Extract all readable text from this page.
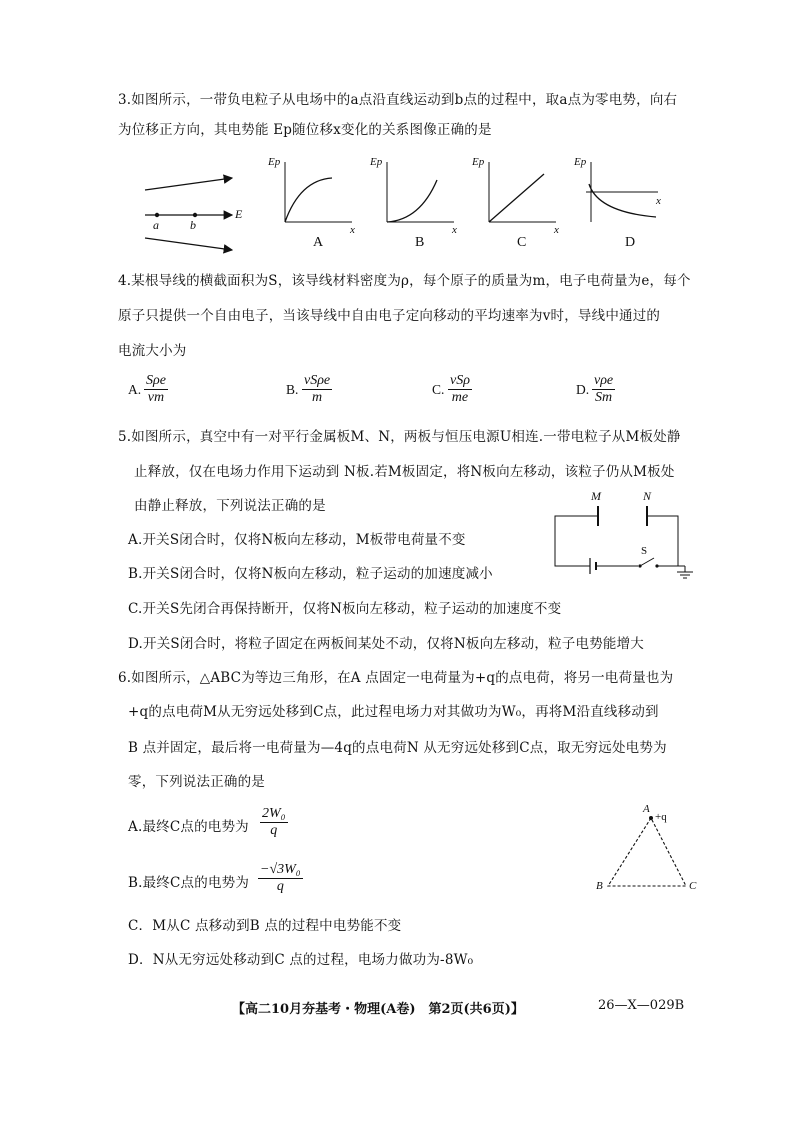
3.如图所示，一带负电粒子从电场中的a点沿直线运动到b点的过程中，取a点为零电势，向右
为位移正方向，其电势能 Ep随位移x变化的关系图像正确的是
a	b
E
Ep
x
A
Ep
x
B
Ep
x
C
Ep
x
D
4.某根导线的横截面积为S，该导线材料密度为ρ，每个原子的质量为m，电子电荷量为e，每个
原子只提供一个自由电子，当该导线中自由电子定向移动的平均速率为v时，导线中通过的
电流大小为
A.
Sρe
vm
B.
vSρe
m
C.
vSρ
me
D.
vρe
Sm
5.如图所示，真空中有一对平行金属板M、N，两板与恒压电源U相连.一带电粒子从M板处静
止释放，仅在电场力作用下运动到 N板.若M板固定，将N板向左移动，该粒子仍从M板处
由静止释放，下列说法正确的是
A.开关S闭合时，仅将N板向左移动，M板带电荷量不变
B.开关S闭合时，仅将N板向左移动，粒子运动的加速度减小
C.开关S先闭合再保持断开，仅将N板向左移动，粒子运动的加速度不变
D.开关S闭合时，将粒子固定在两板间某处不动，仅将N板向左移动，粒子电势能增大
M	N
S
6.如图所示，△ABC为等边三角形，在A 点固定一电荷量为+q的点电荷，将另一电荷量也为
+q的点电荷M从无穷远处移到C点，此过程电场力对其做功为W₀，再将M沿直线移动到
B 点并固定，最后将一电荷量为—4q的点电荷N 从无穷远处移到C点，取无穷远处电势为
零，下列说法正确的是
A.最终C点的电势为 $\frac{\text{2W₀}}{q}$
B.最终C点的电势为 $\frac{\text{−√3W₀}}{q}$
C．M从C 点移动到B 点的过程中电势能不变
D．N从无穷远处移动到C 点的过程，电场力做功为-8W₀
A
+q
B	C
【高二10月夯基考・物理(A卷)　第2页(共6页)】	26—X—029B
